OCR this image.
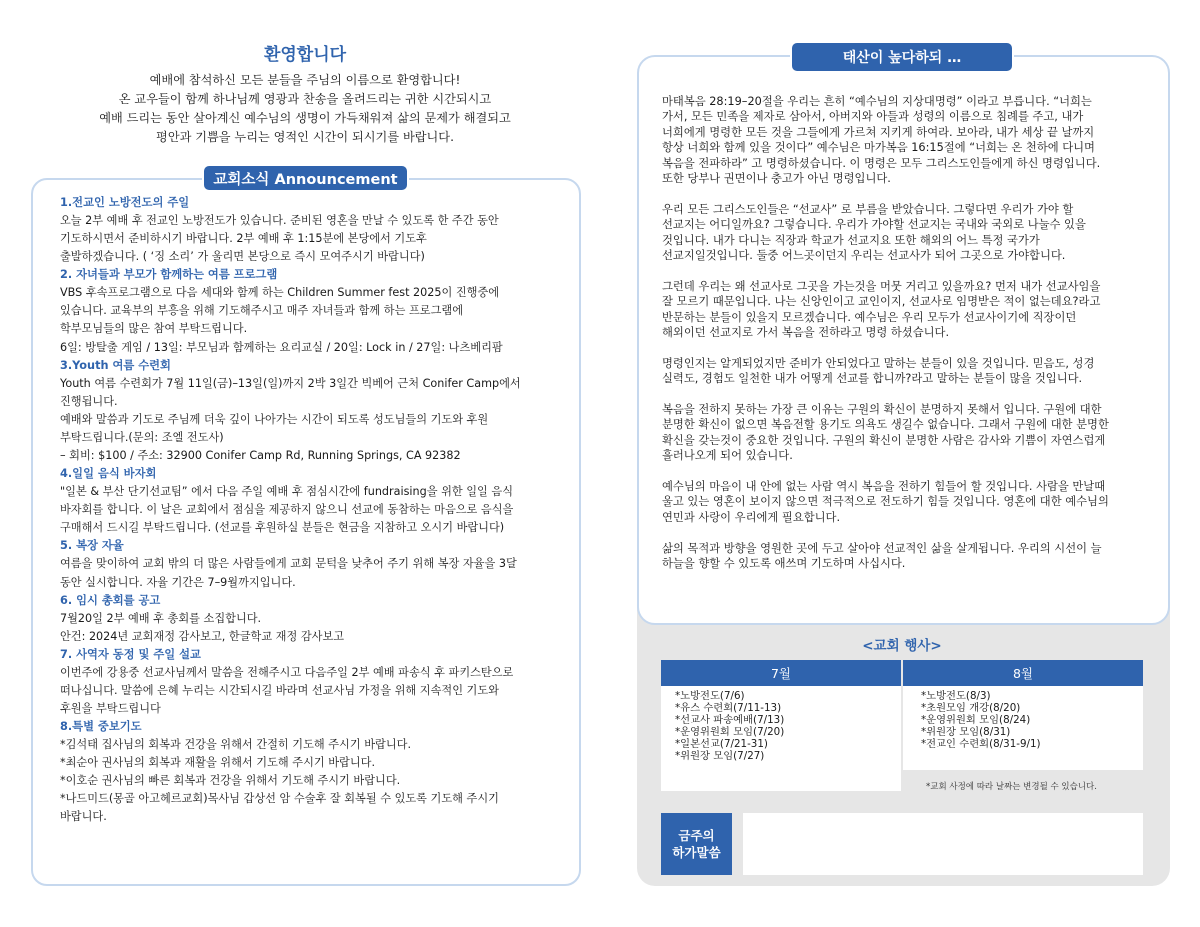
환영합니다
예배에 참석하신 모든 분들을 주님의 이름으로 환영합니다!
온 교우들이 함께 하나님께 영광과 찬송을 올려드리는 귀한 시간되시고
예배 드리는 동안 살아계신 예수님의 생명이 가득채워져 삶의 문제가 해결되고
평안과 기쁨을 누리는 영적인 시간이 되시기를 바랍니다.
교회소식 Announcement
1.전교인 노방전도의 주일
오늘 2부 예배 후 전교인 노방전도가 있습니다. 준비된 영혼을 만날 수 있도록 한 주간 동안
기도하시면서 준비하시기 바랍니다. 2부 예배 후 1:15분에 본당에서 기도후
출발하겠습니다. ( ‘징 소리’ 가 울리면 본당으로 즉시 모여주시기 바랍니다)
2. 자녀들과 부모가 함께하는 여름 프로그램
VBS 후속프로그램으로 다음 세대와 함께 하는 Children Summer fest 2025이 진행중에
있습니다. 교육부의 부흥을 위해 기도해주시고 매주 자녀들과 함께 하는 프로그램에
학부모님들의 많은 참여 부탁드립니다.
6일: 방탈출 게임 / 13일: 부모님과 함께하는 요리교실 / 20일: Lock in / 27일: 나츠베리팜
3.Youth 여름 수련회
Youth 여름 수련회가 7월 11일(금)–13일(일)까지 2박 3일간 빅베어 근처 Conifer Camp에서
진행됩니다.
예배와 말씀과 기도로 주님께 더욱 깊이 나아가는 시간이 되도록 성도님들의 기도와 후원
부탁드립니다.(문의: 조엘 전도사)
– 회비: $100 / 주소: 32900 Conifer Camp Rd, Running Springs, CA 92382
4.일일 음식 바자회
"일본 & 부산 단기선교팀” 에서 다음 주일 예배 후 점심시간에 fundraising을 위한 일일 음식
바자회를 합니다. 이 날은 교회에서 점심을 제공하지 않으니 선교에 동참하는 마음으로 음식을
구매해서 드시길 부탁드립니다. (선교를 후원하실 분들은 현금을 지참하고 오시기 바랍니다)
5. 복장 자율
여름을 맞이하여 교회 밖의 더 많은 사람들에게 교회 문턱을 낮추어 주기 위해 복장 자율을 3달
동안 실시합니다. 자율 기간은 7–9월까지입니다.
6. 임시 총회를 공고
7월20일 2부 예배 후 총회를 소집합니다.
안건: 2024년 교회재정 감사보고, 한글학교 재정 감사보고
7. 사역자 동정 및 주일 설교
이번주에 강용중 선교사님께서 말씀을 전해주시고 다음주일 2부 예배 파송식 후 파키스탄으로
떠나십니다. 말씀에 은혜 누리는 시간되시길 바라며 선교사님 가정을 위해 지속적인 기도와
후원을 부탁드립니다
8.특별 중보기도
*김석태 집사님의 회복과 건강을 위해서 간절히 기도해 주시기 바랍니다.
*최순아 권사님의 회복과 재활을 위해서 기도해 주시기 바랍니다.
*이호순 권사님의 빠른 회복과 건강을 위해서 기도해 주시기 바랍니다.
*나드미드(몽골 아고헤르교회)목사님 갑상선 암 수술후 잘 회복될 수 있도록 기도해 주시기
바랍니다.
태산이 높다하되 …
마태복음 28:19–20절을 우리는 흔히 “예수님의 지상대명령” 이라고 부릅니다. “너희는
가서, 모든 민족을 제자로 삼아서, 아버지와 아들과 성령의 이름으로 침례를 주고, 내가
너희에게 명령한 모든 것을 그들에게 가르쳐 지키게 하여라. 보아라, 내가 세상 끝 날까지
항상 너희와 함께 있을 것이다” 예수님은 마가복음 16:15절에 “너희는 온 천하에 다니며
복음을 전파하라” 고 명령하셨습니다. 이 명령은 모두 그리스도인들에게 하신 명령입니다.
또한 당부나 권면이나 충고가 아닌 명령입니다.
우리 모든 그리스도인들은 “선교사” 로 부름을 받았습니다. 그렇다면 우리가 가야 할
선교지는 어디일까요? 그렇습니다. 우리가 가야할 선교지는 국내와 국외로 나눌수 있을
것입니다. 내가 다니는 직장과 학교가 선교지요 또한 해외의 어느 특정 국가가
선교지일것입니다. 둘중 어느곳이던지 우리는 선교사가 되어 그곳으로 가야합니다.
그런데 우리는 왜 선교사로 그곳을 가는것을 머뭇 거리고 있을까요? 먼저 내가 선교사임을
잘 모르기 때문입니다. 나는 신앙인이고 교인이지, 선교사로 임명받은 적이 없는데요?라고
반문하는 분들이 있을지 모르겠습니다. 예수님은 우리 모두가 선교사이기에 직장이던
해외이던 선교지로 가서 복음을 전하라고 명령 하셨습니다.
명령인지는 알게되었지만 준비가 안되었다고 말하는 분들이 있을 것입니다. 믿음도, 성경
실력도, 경험도 일천한 내가 어떻게 선교를 합니까?라고 말하는 분들이 많을 것입니다.
복음을 전하지 못하는 가장 큰 이유는 구원의 확신이 분명하지 못해서 입니다. 구원에 대한
분명한 확신이 없으면 복음전할 용기도 의욕도 생길수 없습니다. 그래서 구원에 대한 분명한
확신을 갖는것이 중요한 것입니다. 구원의 확신이 분명한 사람은 감사와 기쁨이 자연스럽게
흘러나오게 되어 있습니다.
예수님의 마음이 내 안에 없는 사람 역시 복음을 전하기 힘들어 할 것입니다. 사람을 만날때
울고 있는 영혼이 보이지 않으면 적극적으로 전도하기 힘들 것입니다. 영혼에 대한 예수님의
연민과 사랑이 우리에게 필요합니다.
삶의 목적과 방향을 영원한 곳에 두고 살아야 선교적인 삶을 살게됩니다. 우리의 시선이 늘
하늘을 향할 수 있도록 애쓰며 기도하며 사십시다.
<교회 행사>
7월
*노방전도(7/6)
*유스 수련회(7/11-13)
*선교사 파송예배(7/13)
*운영위원회 모임(7/20)
*일본선교(7/21-31)
*위원장 모임(7/27)
8월
*노방전도(8/3)
*초원모임 개강(8/20)
*운영위원회 모임(8/24)
*위원장 모임(8/31)
*전교인 수련회(8/31-9/1)
*교회 사정에 따라 날짜는 변경될 수 있습니다.
금주의
하가말씀
